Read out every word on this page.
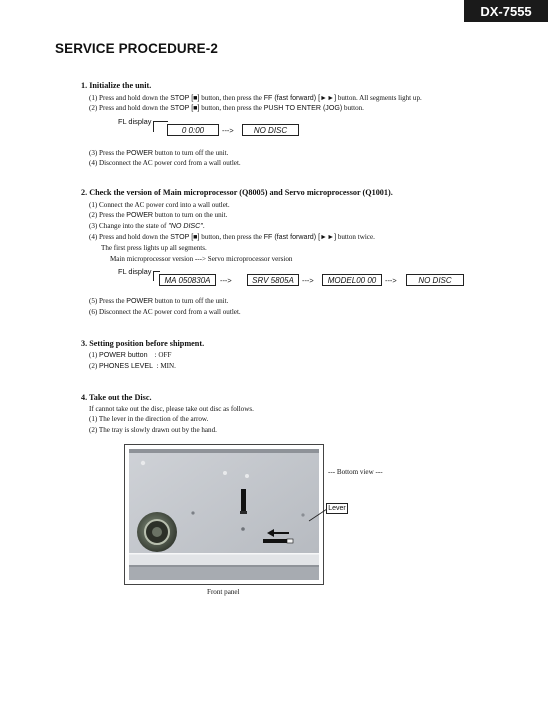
DX-7555
SERVICE PROCEDURE-2
1. Initialize the unit.
(1) Press and hold down the STOP [■] button, then press the FF (fast forward) [►►] button. All segments light up.
(2) Press and hold down the STOP [■] button, then press the PUSH TO ENTER (JOG) button.
FL display
0 0:00	--->	NO DISC
(3) Press the POWER button to turn off the unit.
(4) Disconnect the AC power cord from a wall outlet.
2. Check the version of Main microprocessor (Q8005) and Servo microprocessor (Q1001).
(1) Connect the AC power cord into a wall outlet.
(2) Press the POWER button to turn on the unit.
(3) Change into the state of "NO DISC".
(4) Press and hold down the STOP [■] button, then press the FF (fast forward) [►►] button twice.
The first press lights up all segments.
Main microprocessor version ---> Servo microprocessor version
FL display
MA 050830A	--->	SRV 5805A	--->	MODEL00 00	--->	NO DISC
(5) Press the POWER button to turn off the unit.
(6) Disconnect the AC power cord from a wall outlet.
3. Setting position before shipment.
(1) POWER button    : OFF
(2) PHONES LEVEL  : MIN.
4. Take out the Disc.
If cannot take out the disc, please take out disc as follows.
(1) The lever in the direction of the arrow.
(2) The tray is slowly drawn out by the hand.
--- Bottom view ---
Lever
Front panel
